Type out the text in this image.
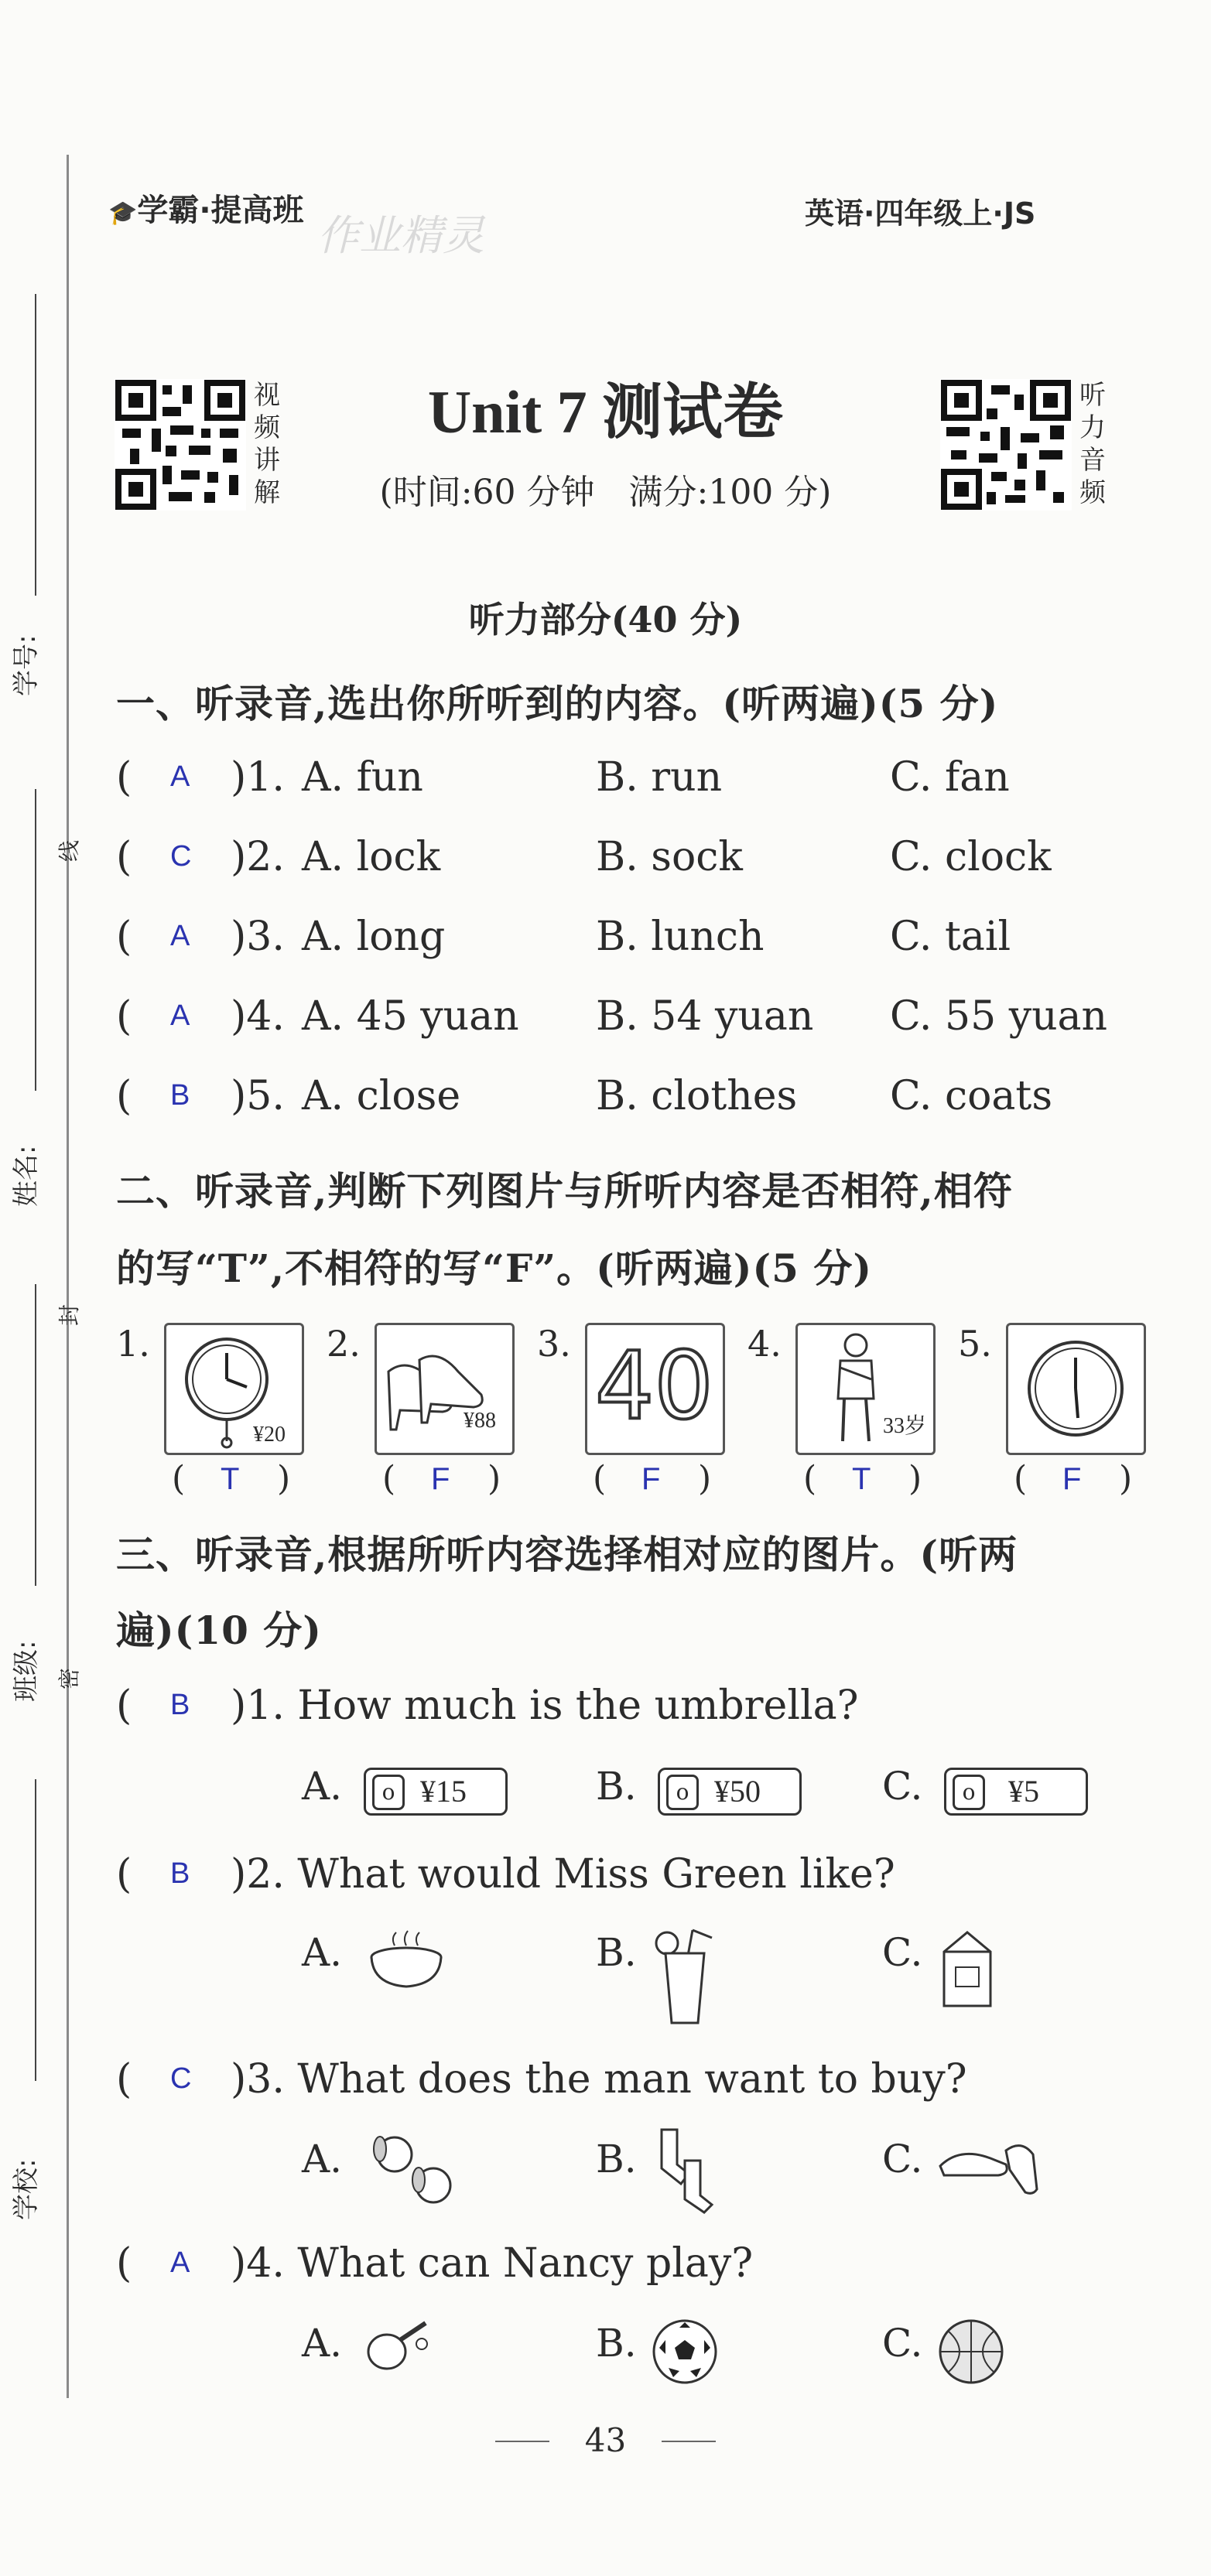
🎓学霸·提高班
作业精灵	英语·四年级上·JS
学号:
姓名:
班级:
学校:
线
封
密
视
频
讲
解
听
力
音
频
Unit 7 测试卷
(时间:60 分钟　满分:100 分)
听力部分(40 分)
一、听录音,选出你所听到的内容。(听两遍)(5 分)
( A )1. A. fun	B. run	C. fan
( C )2. A. lock	B. sock	C. clock
( A )3. A. long	B. lunch	C. tail
( A )4. A. 45 yuan B. 54 yuan C. 55 yuan
( B )5. A. close	B. clothes C. coats
二、听录音,判断下列图片与所听内容是否相符,相符
的写“T”,不相符的写“F”。(听两遍)(5 分)
1.
¥20
( T )
2.
¥88
( F )
3. 40
( F )
4.
33岁
( T )
5.
( F )
三、听录音,根据所听内容选择相对应的图片。(听两
遍)(10 分)
( B )1. How much is the umbrella?
A.	o ¥15	B.	o ¥50	C.	o	¥5
( B )2. What would Miss Green like?
A.	B.	C.
( C )3. What does the man want to buy?
A.	B.	C.
( A )4. What can Nancy play?
A.	B.	C.
43
